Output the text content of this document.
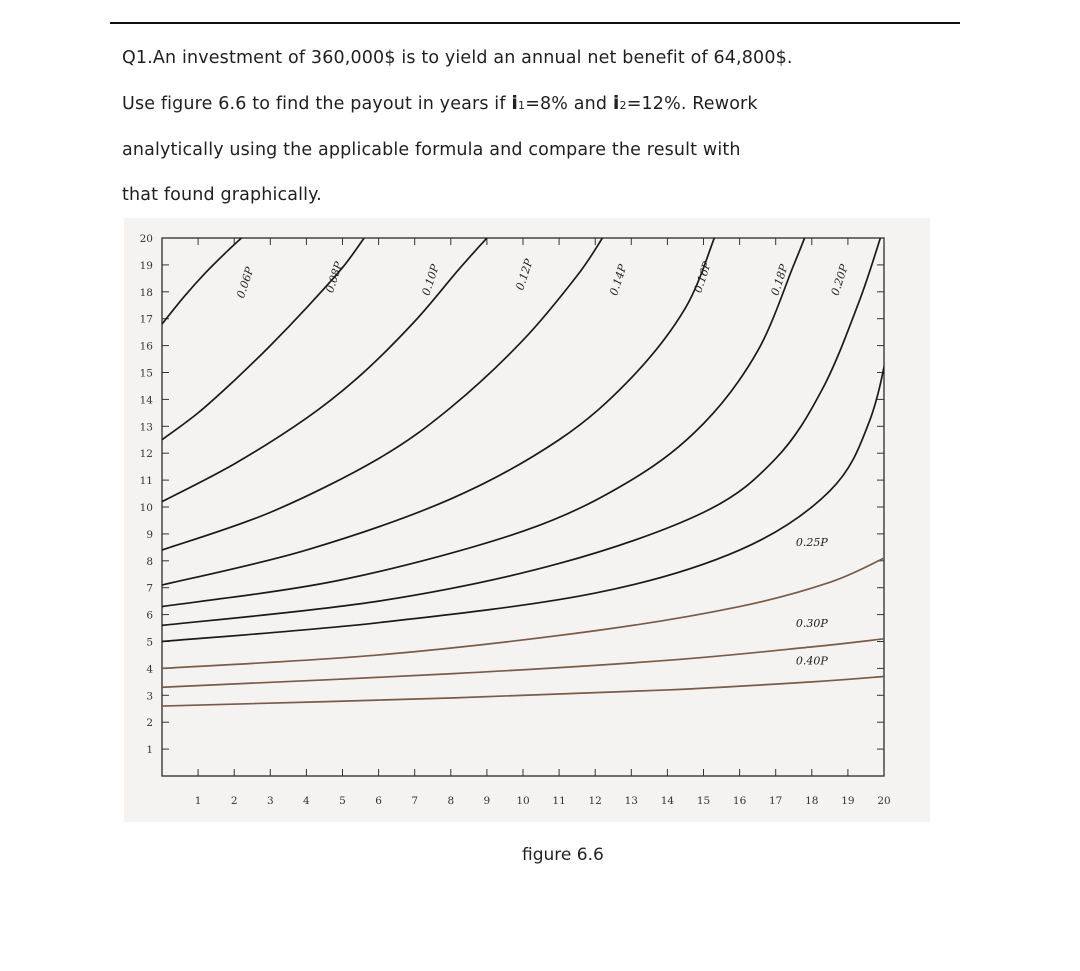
Q1.An investment of 360,000$ is to yield an annual net benefit of 64,800$.

Use figure 6.6 to find the payout in years if i1=8% and i2=12%. Rework

analytically using the applicable formula and compare the result with

that found graphically.

1
2
3
4
5
6
7
8
9
10
11
12
13
14
15
16
17
18
19
20
1	2	3	4	5	6	7	8	9 10 11 12 13 14 15 16 17 18 19 20
0.06P	0.08P	0.10P	0.12P	0.14P	0.16P	0.18P	0.20P
0.25P
0.30P
0.40P
figure 6.6
